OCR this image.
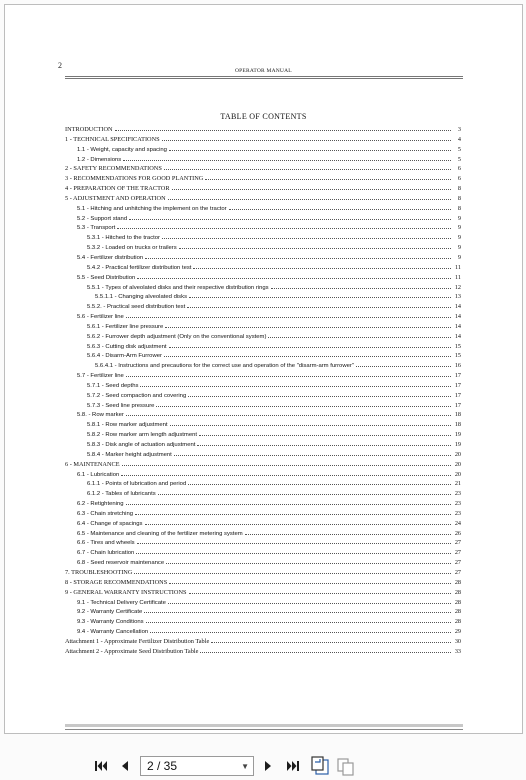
2
OPERATOR MANUAL
TABLE OF CONTENTS
INTRODUCTION	3
1 - TECHNICAL SPECIFICATIONS	4
1.1 - Weight, capacity and spacing	5
1.2 - Dimensions	5
2 - SAFETY RECOMMENDATIONS	6
3 - RECOMMENDATIONS FOR GOOD PLANTING	6
4 - PREPARATION OF THE TRACTOR	8
5 - ADJUSTMENT AND OPERATION	8
5.1 - Hitching and unhitching the implement on the tractor	8
5.2 - Support stand	9
5.3 - Transport	9
5.3.1 - Hitched to the tractor	9
5.3.2 - Loaded on trucks or trailers	9
5.4 - Fertilizer distribution	9
5.4.2 - Practical fertilizer distribution test	11
5.5 - Seed Distribution	11
5.5.1 - Types of alveolated disks and their respective distribution rings	12
5.5.1.1 - Changing alveolated disks	13
5.5.2. - Practical seed distribution test	14
5.6 - Fertilizer line	14
5.6.1 - Fertilizer line pressure	14
5.6.2 - Furrower depth adjustment (Only on the conventional system)	14
5.6.3 - Cutting disk adjustment	15
5.6.4 - Disarm-Arm Furrower	15
5.6.4.1 - Instructions and precautions for the correct use and operation of the "disarm-arm furrower"	16
5.7 - Fertilizer line	17
5.7.1 - Seed depths	17
5.7.2 - Seed compaction and covering	17
5.7.3 - Seed line pressure	17
5.8. - Row marker	18
5.8.1 - Row marker adjustment	18
5.8.2 - Row marker arm length adjustment	19
5.8.3 - Disk angle of actuation adjustment	19
5.8.4 - Marker height adjustment	20
6 - MAINTENANCE	20
6.1 - Lubrication	20
6.1.1 - Points of lubrication and period	21
6.1.2 - Tables of lubricants	23
6.2 - Retightening	23
6.3 - Chain stretching	23
6.4 - Change of spacings	24
6.5 - Maintenance and cleaning of the fertilizer metering system	26
6.6 - Tires and wheels	27
6.7 - Chain lubrication	27
6.8 - Seed reservoir maintenance	27
7. TROUBLESHOOTING	27
8 - STORAGE RECOMMENDATIONS	28
9 - GENERAL WARRANTY INSTRUCTIONS	28
9.1 - Technical Delivery Certificate	28
9.2 - Warranty Certificate	28
9.3 - Warranty Conditions	28
9.4 - Warranty Cancellation	29
Attachment 1 - Approximate Fertilizer Distribution Table	30
Attachment 2 - Approximate Seed Distribution Table	33
2 / 35	▼
